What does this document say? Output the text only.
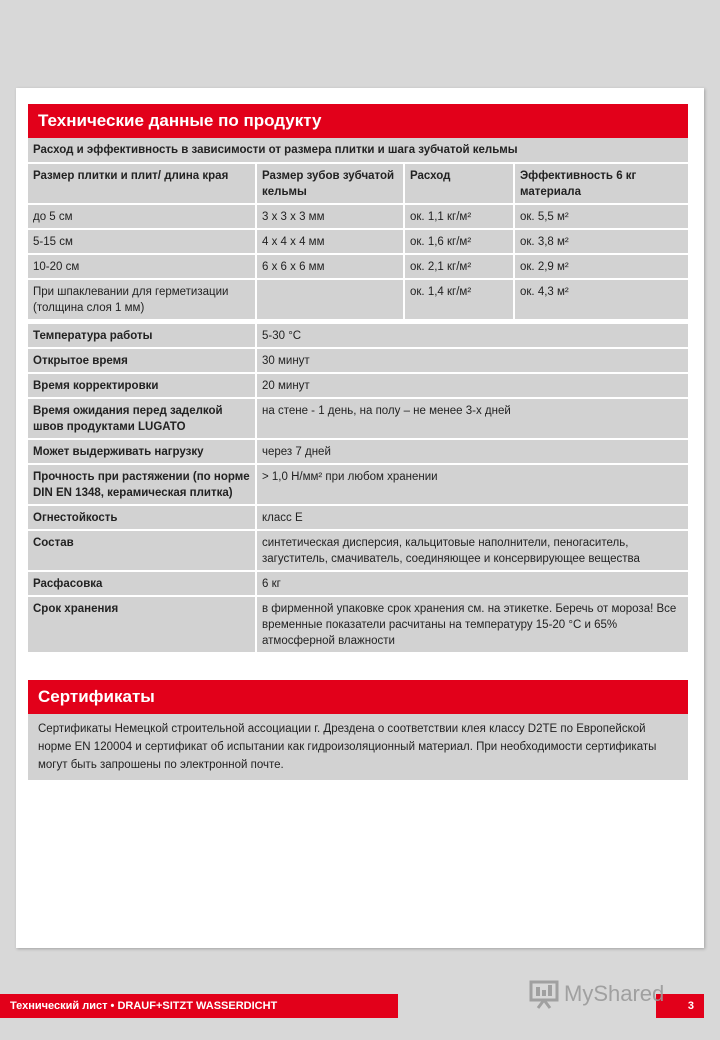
Технические данные по продукту
Расход и эффективность в зависимости от размера плитки и шага зубчатой кельмы
Размер плитки и плит/ длина края	Размер зубов зубчатой кельмы	Расход	Эффективность 6 кг материала
до 5 см	3 x 3 x 3 мм	ок. 1,1 кг/м²	ок. 5,5 м²
5-15 см	4 x 4 x 4 мм	ок. 1,6 кг/м²	ок. 3,8 м²
10-20 см	6 x 6 x 6 мм	ок. 2,1 кг/м²	ок. 2,9 м²
При шпаклевании для герметизации (толщина слоя 1 мм)		ок. 1,4 кг/м²	ок. 4,3 м²
Температура работы	5-30 °C
Открытое время	30 минут
Время корректировки	20 минут
Время ожидания перед заделкой швов продуктами LUGATO	на стене - 1 день, на полу – не менее 3-х дней
Может выдерживать нагрузку	через 7 дней
Прочность при растяжении (по норме DIN EN 1348, керамическая плитка)	> 1,0 Н/мм² при любом хранении
Огнестойкость	класс E
Состав	синтетическая дисперсия, кальцитовые наполнители, пеногаситель, загуститель, смачиватель, соединяющее и консервирующее вещества
Расфасовка	6 кг
Срок хранения	в фирменной упаковке срок хранения см. на этикетке. Беречь от мороза! Все временные показатели расчитаны на температуру 15-20 °C и 65% атмосферной влажности
Сертификаты
Сертификаты Немецкой строительной ассоциации г. Дрездена о соответствии клея классу D2TE по Европейской норме EN 120004 и сертификат об испытании как гидроизоляционный материал. При необходимости сертификаты могут быть запрошены по электронной почте.
Технический лист • DRAUF+SITZT WASSERDICHT	3
MyShared
